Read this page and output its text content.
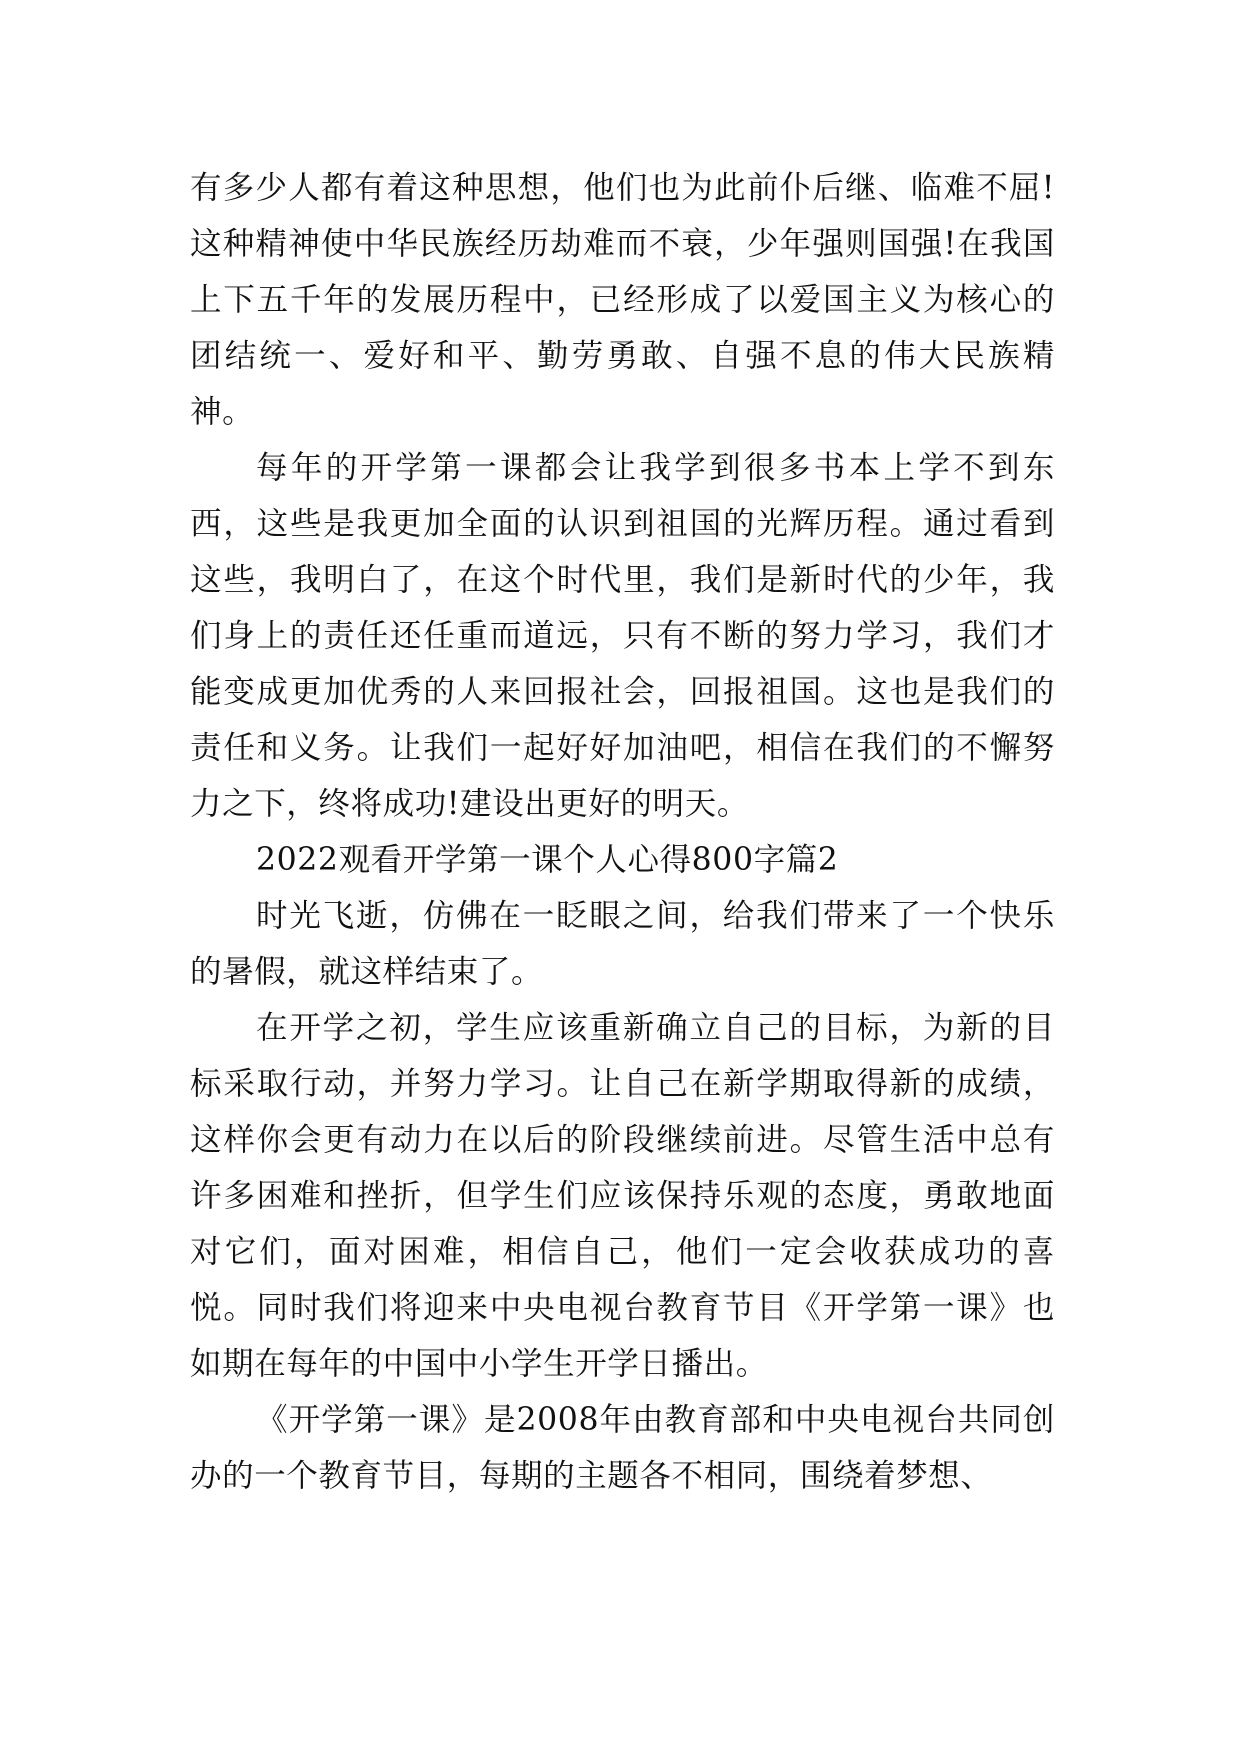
有多少人都有着这种思想，他们也为此前仆后继、临难不屈!这种精神使中华民族经历劫难而不衰，少年强则国强!在我国上下五千年的发展历程中，已经形成了以爱国主义为核心的团结统一、爱好和平、勤劳勇敢、自强不息的伟大民族精神。

每年的开学第一课都会让我学到很多书本上学不到东西，这些是我更加全面的认识到祖国的光辉历程。通过看到这些，我明白了，在这个时代里，我们是新时代的少年，我们身上的责任还任重而道远，只有不断的努力学习，我们才能变成更加优秀的人来回报社会，回报祖国。这也是我们的责任和义务。让我们一起好好加油吧，相信在我们的不懈努力之下，终将成功!建设出更好的明天。

2022观看开学第一课个人心得800字篇2

时光飞逝，仿佛在一眨眼之间，给我们带来了一个快乐的暑假，就这样结束了。

在开学之初，学生应该重新确立自己的目标，为新的目标采取行动，并努力学习。让自己在新学期取得新的成绩，这样你会更有动力在以后的阶段继续前进。尽管生活中总有许多困难和挫折，但学生们应该保持乐观的态度，勇敢地面对它们，面对困难，相信自己，他们一定会收获成功的喜悦。同时我们将迎来中央电视台教育节目《开学第一课》也如期在每年的中国中小学生开学日播出。

《开学第一课》是2008年由教育部和中央电视台共同创办的一个教育节目，每期的主题各不相同，围绕着梦想、
